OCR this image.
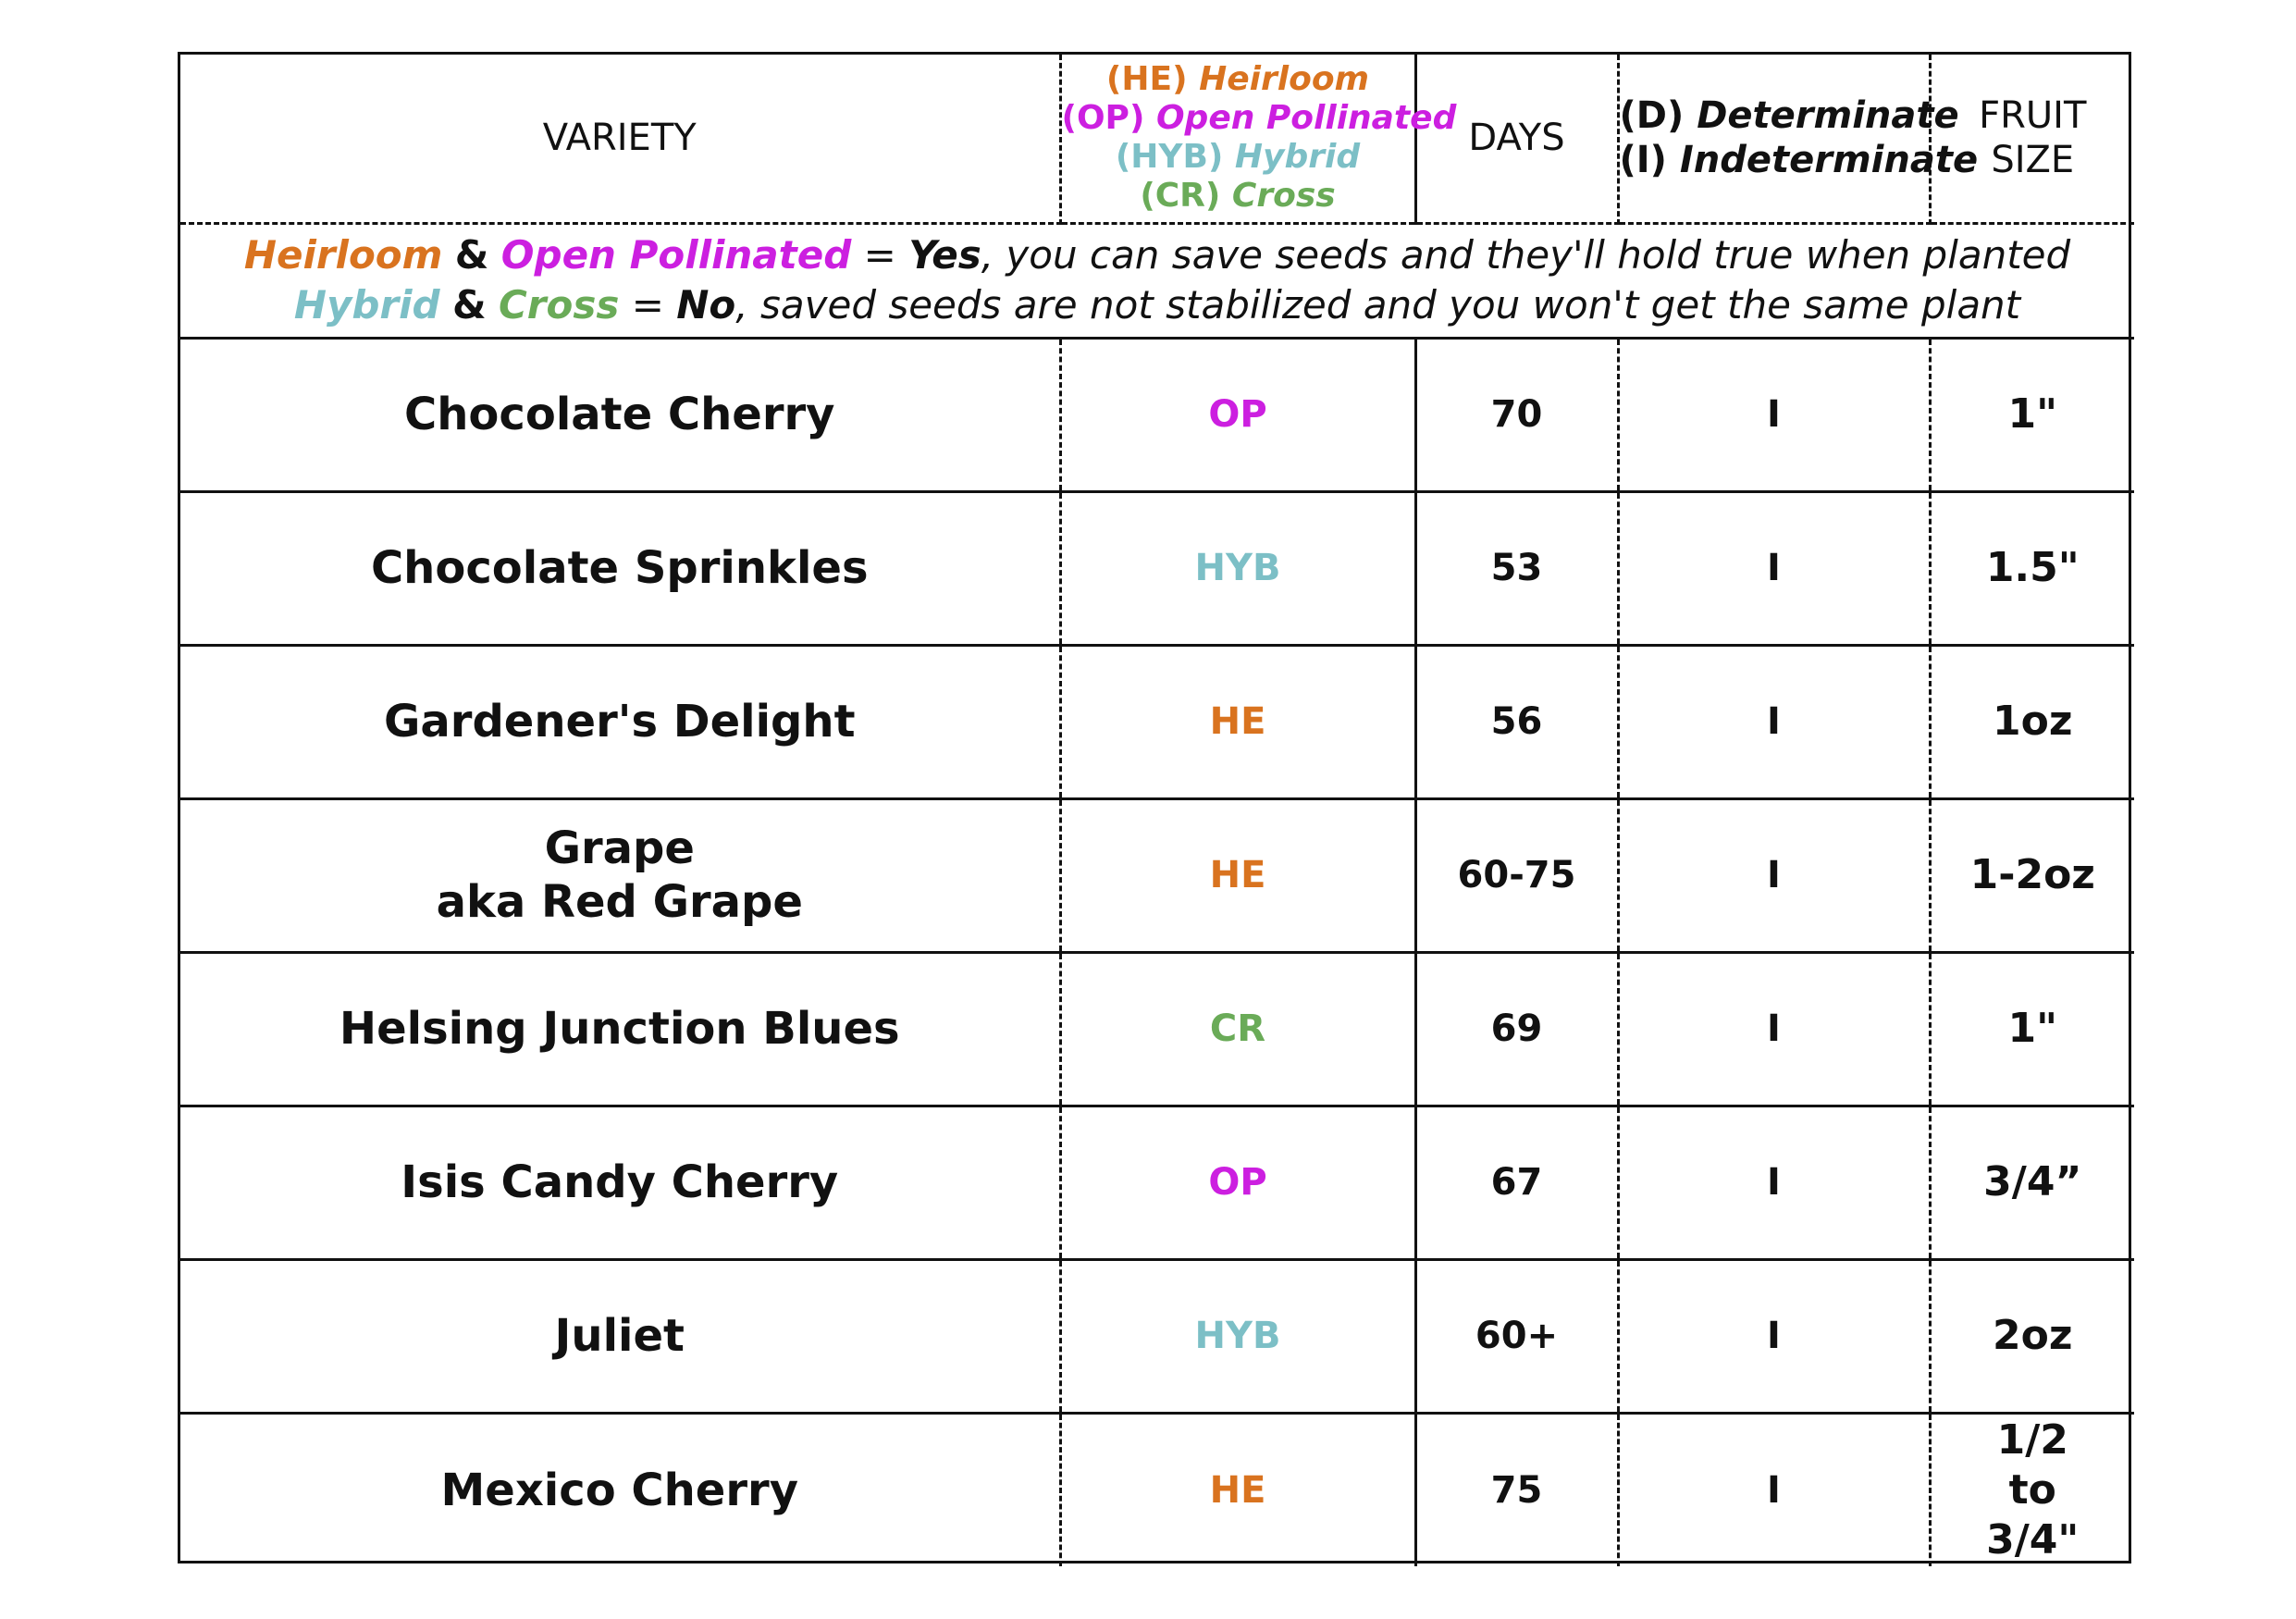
VARIETY	(HE) Heirloom
(OP) Open Pollinated
(HYB) Hybrid
(CR) Cross	DAYS	(D) Determinate
(I) Indeterminate	FRUIT
SIZE

Heirloom & Open Pollinated = Yes, you can save seeds and they'll hold true when planted
Hybrid & Cross = No, saved seeds are not stabilized and you won't get the same plant				

Chocolate Cherry	OP	70	I	1"

Chocolate Sprinkles	HYB	53	I	1.5"

Gardener's Delight	HE	56	I	1oz

Grape
aka Red Grape	HE	60-75	I	1-2oz

Helsing Junction Blues	CR	69	I	1"

Isis Candy Cherry	OP	67	I	3/4”

Juliet	HYB	60+	I	2oz

Mexico Cherry	HE	75	I	1/2
to
3/4"
